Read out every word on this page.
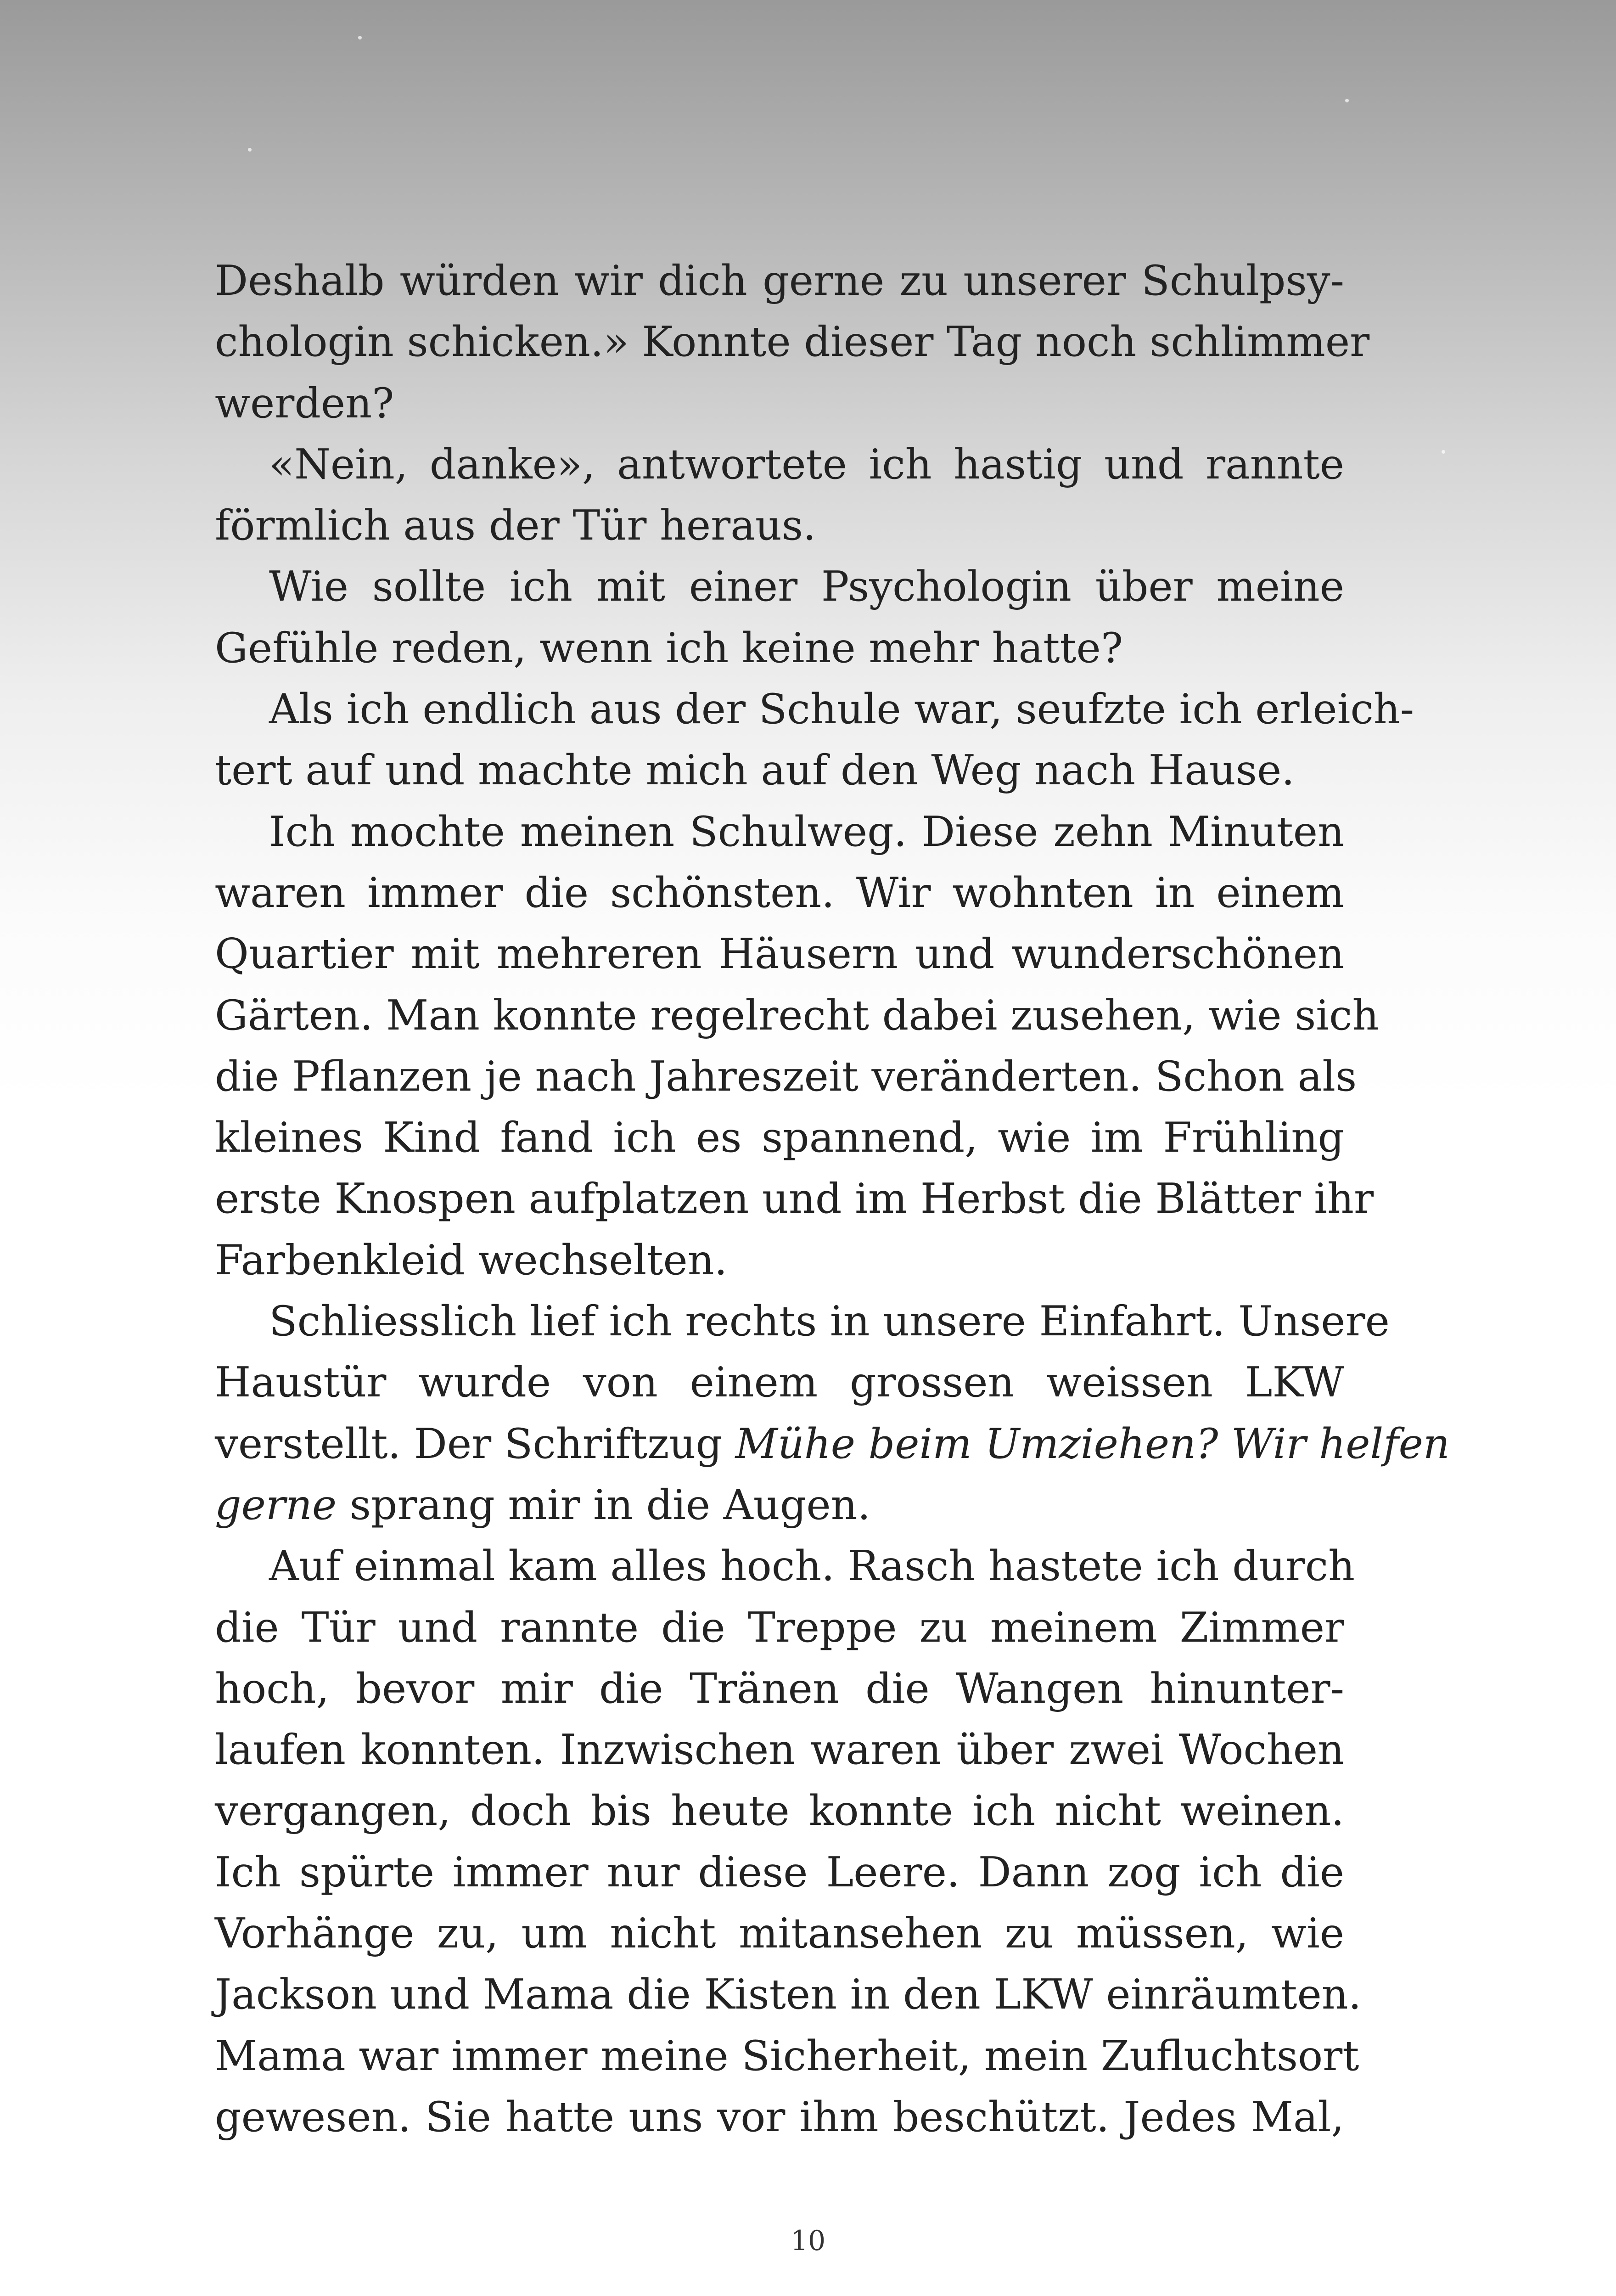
Deshalb würden wir dich gerne zu unserer Schulpsy-
chologin schicken.» Konnte dieser Tag noch schlimmer
werden?
«Nein, danke», antwortete ich hastig und rannte
förmlich aus der Tür heraus.
Wie sollte ich mit einer Psychologin über meine
Gefühle reden, wenn ich keine mehr hatte?
Als ich endlich aus der Schule war, seufzte ich erleich-
tert auf und machte mich auf den Weg nach Hause.
Ich mochte meinen Schulweg. Diese zehn Minuten
waren immer die schönsten. Wir wohnten in einem
Quartier mit mehreren Häusern und wunderschönen
Gärten. Man konnte regelrecht dabei zusehen, wie sich
die Pflanzen je nach Jahreszeit veränderten. Schon als
kleines Kind fand ich es spannend, wie im Frühling
erste Knospen aufplatzen und im Herbst die Blätter ihr
Farbenkleid wechselten.
Schliesslich lief ich rechts in unsere Einfahrt. Unsere
Haustür wurde von einem grossen weissen LKW
verstellt. Der Schriftzug Mühe beim Umziehen? Wir helfen
gerne sprang mir in die Augen.
Auf einmal kam alles hoch. Rasch hastete ich durch
die Tür und rannte die Treppe zu meinem Zimmer
hoch, bevor mir die Tränen die Wangen hinunter-
laufen konnten. Inzwischen waren über zwei Wochen
vergangen, doch bis heute konnte ich nicht weinen.
Ich spürte immer nur diese Leere. Dann zog ich die
Vorhänge zu, um nicht mitansehen zu müssen, wie
Jackson und Mama die Kisten in den LKW einräumten.
Mama war immer meine Sicherheit, mein Zufluchtsort
gewesen. Sie hatte uns vor ihm beschützt. Jedes Mal,
10
